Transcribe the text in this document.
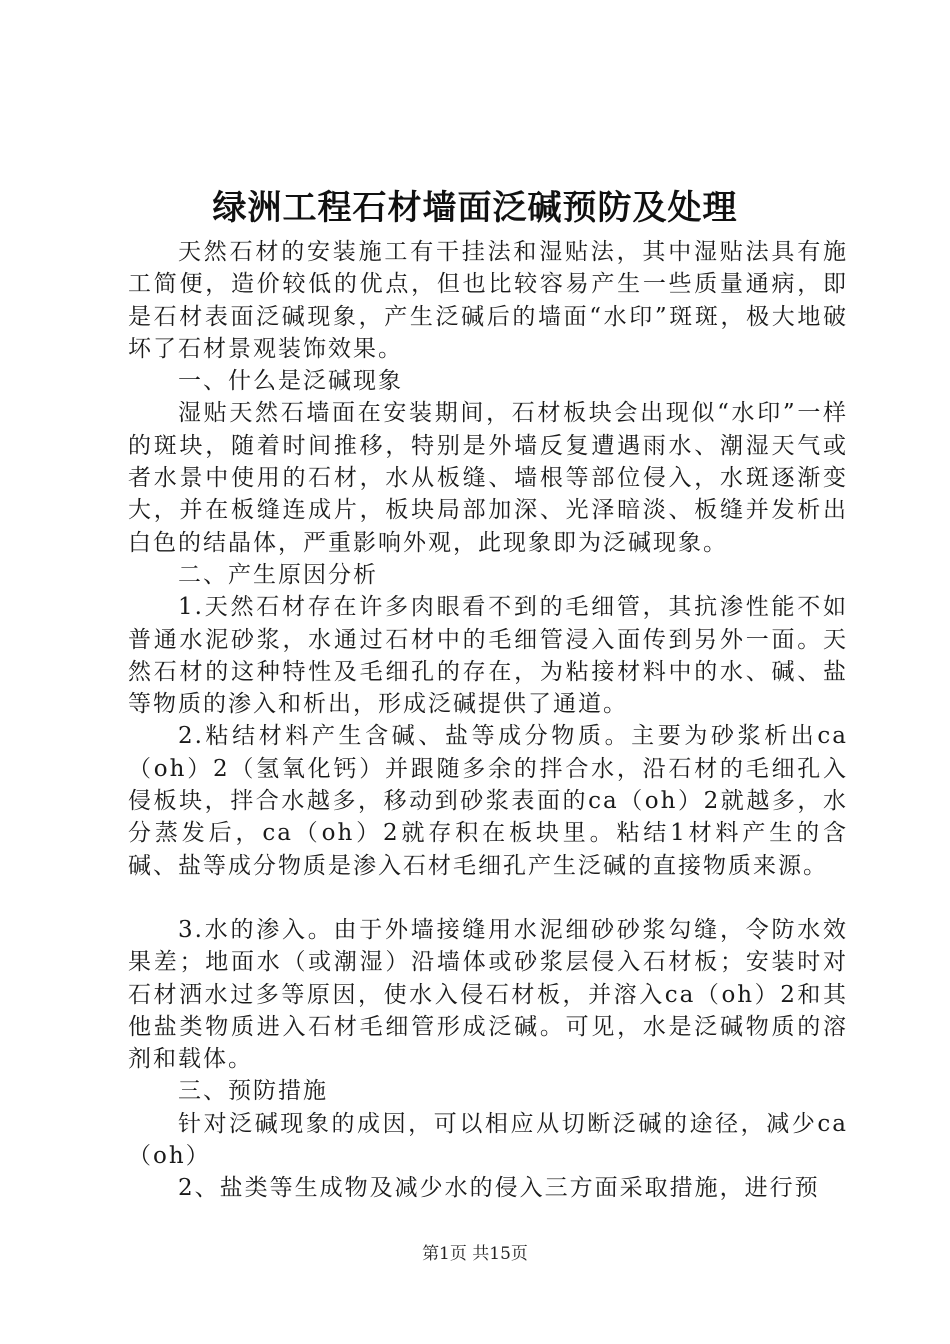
绿洲工程石材墙面泛碱预防及处理

天然石材的安装施工有干挂法和湿贴法，其中湿贴法具有施工简便，造价较低的优点，但也比较容易产生一些质量通病，即是石材表面泛碱现象，产生泛碱后的墙面“水印”斑斑，极大地破坏了石材景观装饰效果。

一、什么是泛碱现象

湿贴天然石墙面在安装期间，石材板块会出现似“水印”一样的斑块，随着时间推移，特别是外墙反复遭遇雨水、潮湿天气或者水景中使用的石材，水从板缝、墙根等部位侵入，水斑逐渐变大，并在板缝连成片，板块局部加深、光泽暗淡、板缝并发析出白色的结晶体，严重影响外观，此现象即为泛碱现象。

二、产生原因分析

1.天然石材存在许多肉眼看不到的毛细管，其抗渗性能不如普通水泥砂浆，水通过石材中的毛细管浸入面传到另外一面。天然石材的这种特性及毛细孔的存在，为粘接材料中的水、碱、盐等物质的渗入和析出，形成泛碱提供了通道。

2.粘结材料产生含碱、盐等成分物质。主要为砂浆析出ca（oh）2（氢氧化钙）并跟随多余的拌合水，沿石材的毛细孔入侵板块，拌合水越多，移动到砂浆表面的ca（oh）2就越多，水分蒸发后，ca（oh）2就存积在板块里。粘结1材料产生的含碱、盐等成分物质是渗入石材毛细孔产生泛碱的直接物质来源。

3.水的渗入。由于外墙接缝用水泥细砂砂浆勾缝，令防水效果差；地面水（或潮湿）沿墙体或砂浆层侵入石材板；安装时对石材洒水过多等原因，使水入侵石材板，并溶入ca（oh）2和其他盐类物质进入石材毛细管形成泛碱。可见，水是泛碱物质的溶剂和载体。

三、预防措施

针对泛碱现象的成因，可以相应从切断泛碱的途径，减少ca（oh）

2、盐类等生成物及减少水的侵入三方面采取措施，进行预

第1页 共15页
